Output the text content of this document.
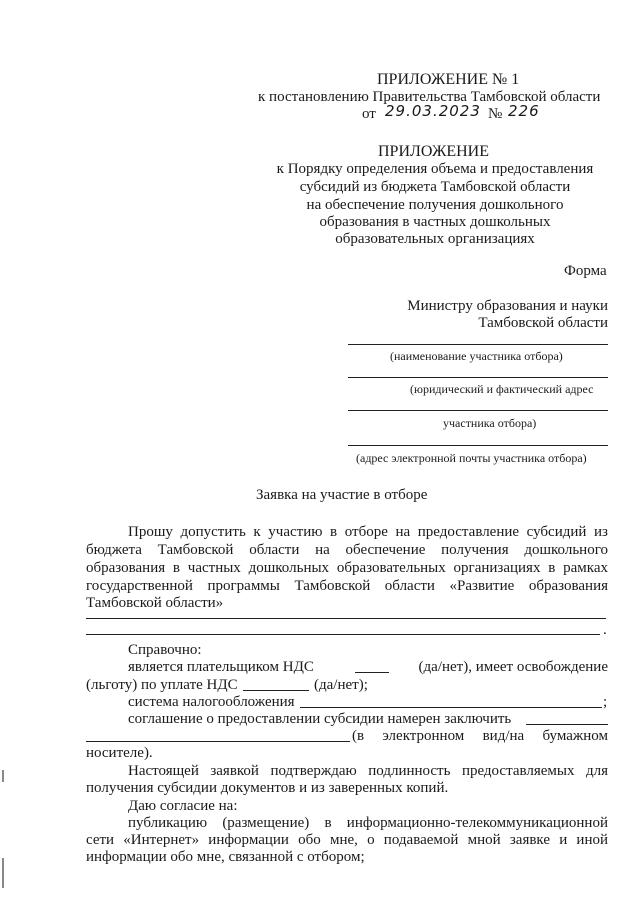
ПРИЛОЖЕНИЕ № 1
к постановлению Правительства Тамбовской области
от 29.03.2023 № 226
ПРИЛОЖЕНИЕ
к Порядку определения объема и предоставления
субсидий из бюджета Тамбовской области
на обеспечение получения дошкольного
образования в частных дошкольных
образовательных организациях
Форма
Министру образования и науки
Тамбовской области
(наименование участника отбора)
(юридический и фактический адрес
участника отбора)
(адрес электронной почты участника отбора)
Заявка на участие в отборе
Прошу допустить к участию в отборе на предоставление субсидий из
бюджета Тамбовской области на обеспечение получения дошкольного
образования в частных дошкольных образовательных организациях в рамках
государственной программы Тамбовской области «Развитие образования
Тамбовской области»
.
Справочно:
является плательщиком НДС	(да/нет), имеет освобождение
(льготу) по уплате НДС	(да/нет);
система налогообложения	;
соглашение о предоставлении субсидии намерен заключить
(в электронном вид/на бумажном
носителе).
Настоящей заявкой подтверждаю подлинность предоставляемых для
получения субсидии документов и из заверенных копий.
Даю согласие на:
публикацию (размещение) в информационно-телекоммуникационной
сети «Интернет» информации обо мне, о подаваемой мной заявке и иной
информации обо мне, связанной с отбором;
